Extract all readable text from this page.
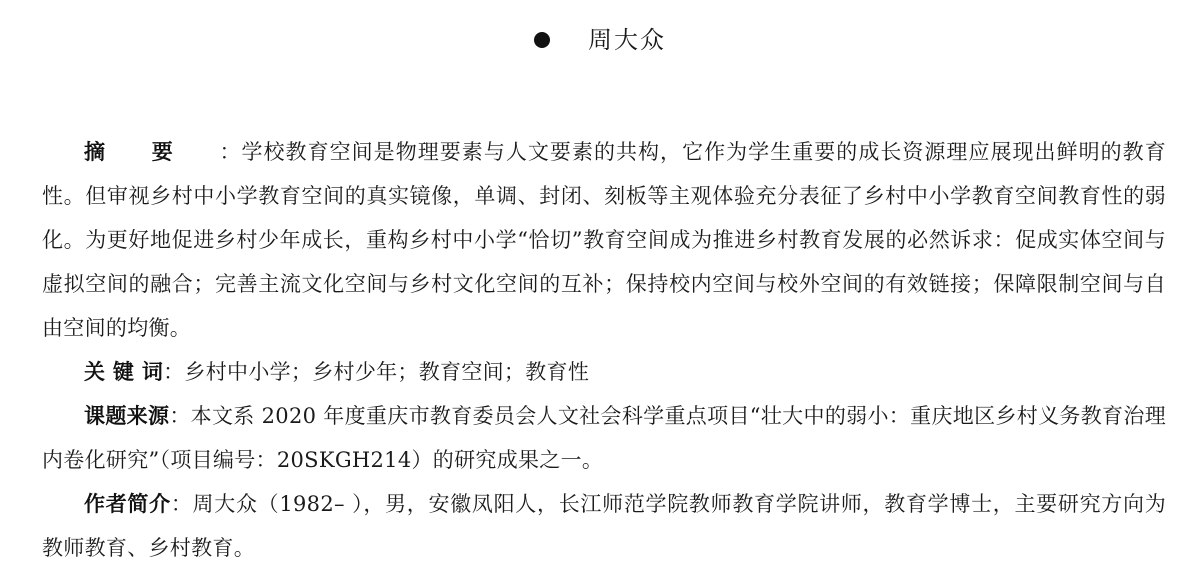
周大众

摘要：学校教育空间是物理要素与人文要素的共构，它作为学生重要的成长资源理应展现出鲜明的教育性。但审视乡村中小学教育空间的真实镜像，单调、封闭、刻板等主观体验充分表征了乡村中小学教育空间教育性的弱化。为更好地促进乡村少年成长，重构乡村中小学“恰切”教育空间成为推进乡村教育发展的必然诉求：促成实体空间与虚拟空间的融合；完善主流文化空间与乡村文化空间的互补；保持校内空间与校外空间的有效链接；保障限制空间与自由空间的均衡。

关 键 词：乡村中小学；乡村少年；教育空间；教育性

课题来源：本文系 2020 年度重庆市教育委员会人文社会科学重点项目“壮大中的弱小：重庆地区乡村义务教育治理内卷化研究”（项目编号：20SKGH214）的研究成果之一。

作者简介：周大众（1982– ），男，安徽凤阳人，长江师范学院教师教育学院讲师，教育学博士，主要研究方向为教师教育、乡村教育。
